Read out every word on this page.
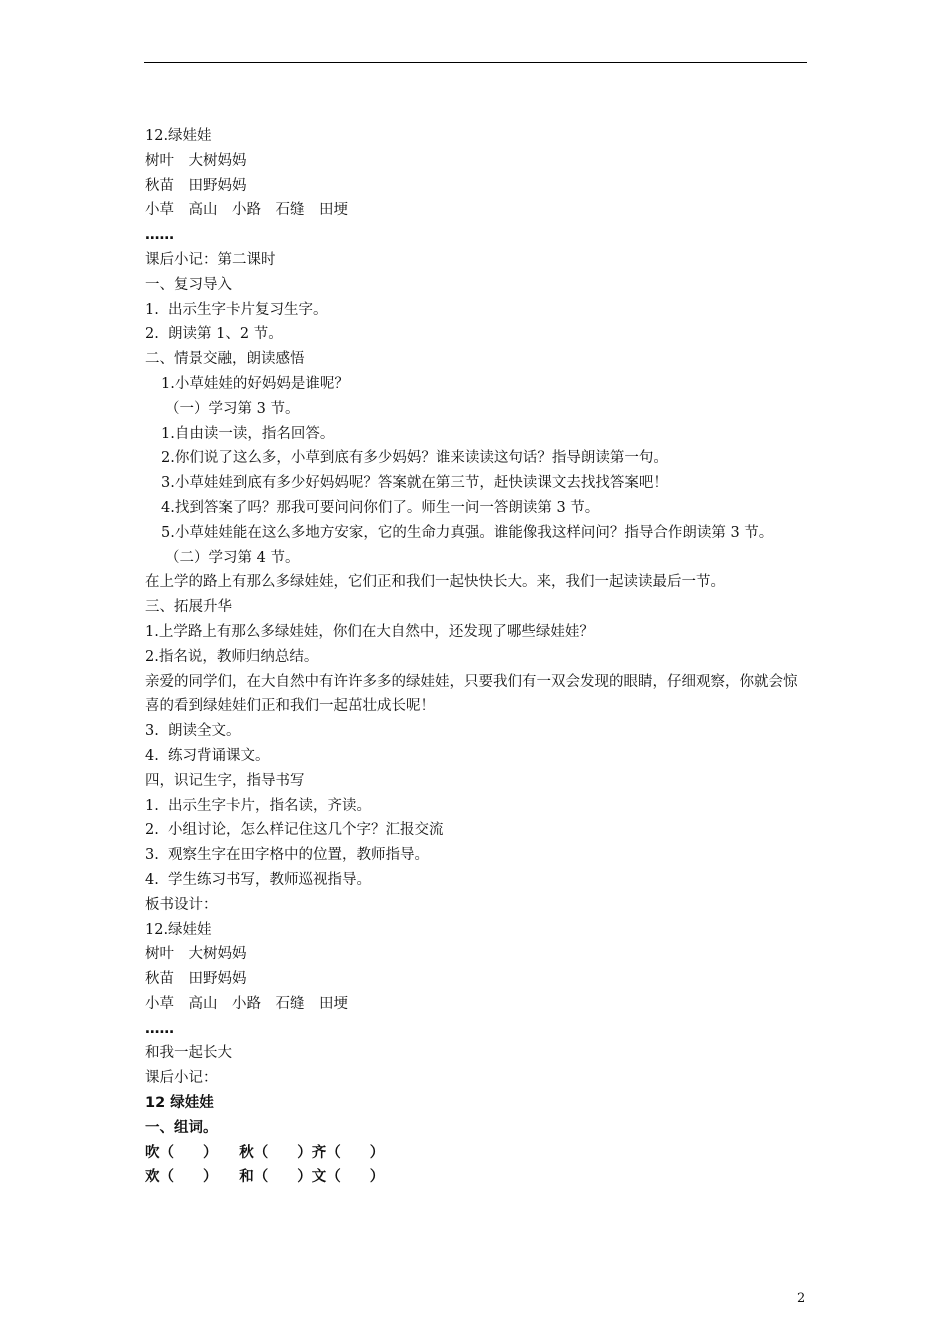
12.绿娃娃
树叶　大树妈妈
秋苗　田野妈妈
小草　高山　小路　石缝　田埂
……
课后小记：第二课时
一、复习导入
1.  出示生字卡片复习生字。
2.  朗读第 1、2 节。
二、情景交融，朗读感悟
1.小草娃娃的好妈妈是谁呢？
（一）学习第 3 节。
1.自由读一读，指名回答。
2.你们说了这么多，小草到底有多少妈妈？谁来读读这句话？指导朗读第一句。
3.小草娃娃到底有多少好妈妈呢？答案就在第三节，赶快读课文去找找答案吧！
4.找到答案了吗？那我可要问问你们了。师生一问一答朗读第 3 节。
5.小草娃娃能在这么多地方安家，它的生命力真强。谁能像我这样问问？指导合作朗读第 3 节。
（二）学习第 4 节。
在上学的路上有那么多绿娃娃，它们正和我们一起快快长大。来，我们一起读读最后一节。
三、拓展升华
1.上学路上有那么多绿娃娃，你们在大自然中，还发现了哪些绿娃娃？
2.指名说，教师归纳总结。
亲爱的同学们，在大自然中有许许多多的绿娃娃，只要我们有一双会发现的眼睛，仔细观察，你就会惊喜的看到绿娃娃们正和我们一起茁壮成长呢！
3.  朗读全文。
4.  练习背诵课文。
四，识记生字，指导书写
1.  出示生字卡片，指名读，齐读。
2.  小组讨论，怎么样记住这几个字？汇报交流
3.  观察生字在田字格中的位置，教师指导。
4.  学生练习书写，教师巡视指导。
板书设计：
12.绿娃娃
树叶　大树妈妈
秋苗　田野妈妈
小草　高山　小路　石缝　田埂
……
和我一起长大
课后小记：
12 绿娃娃
一、组词。
吹（　　）　　秋（　　）齐（　　）
欢（　　）　　和（　　）文（　　）
2
